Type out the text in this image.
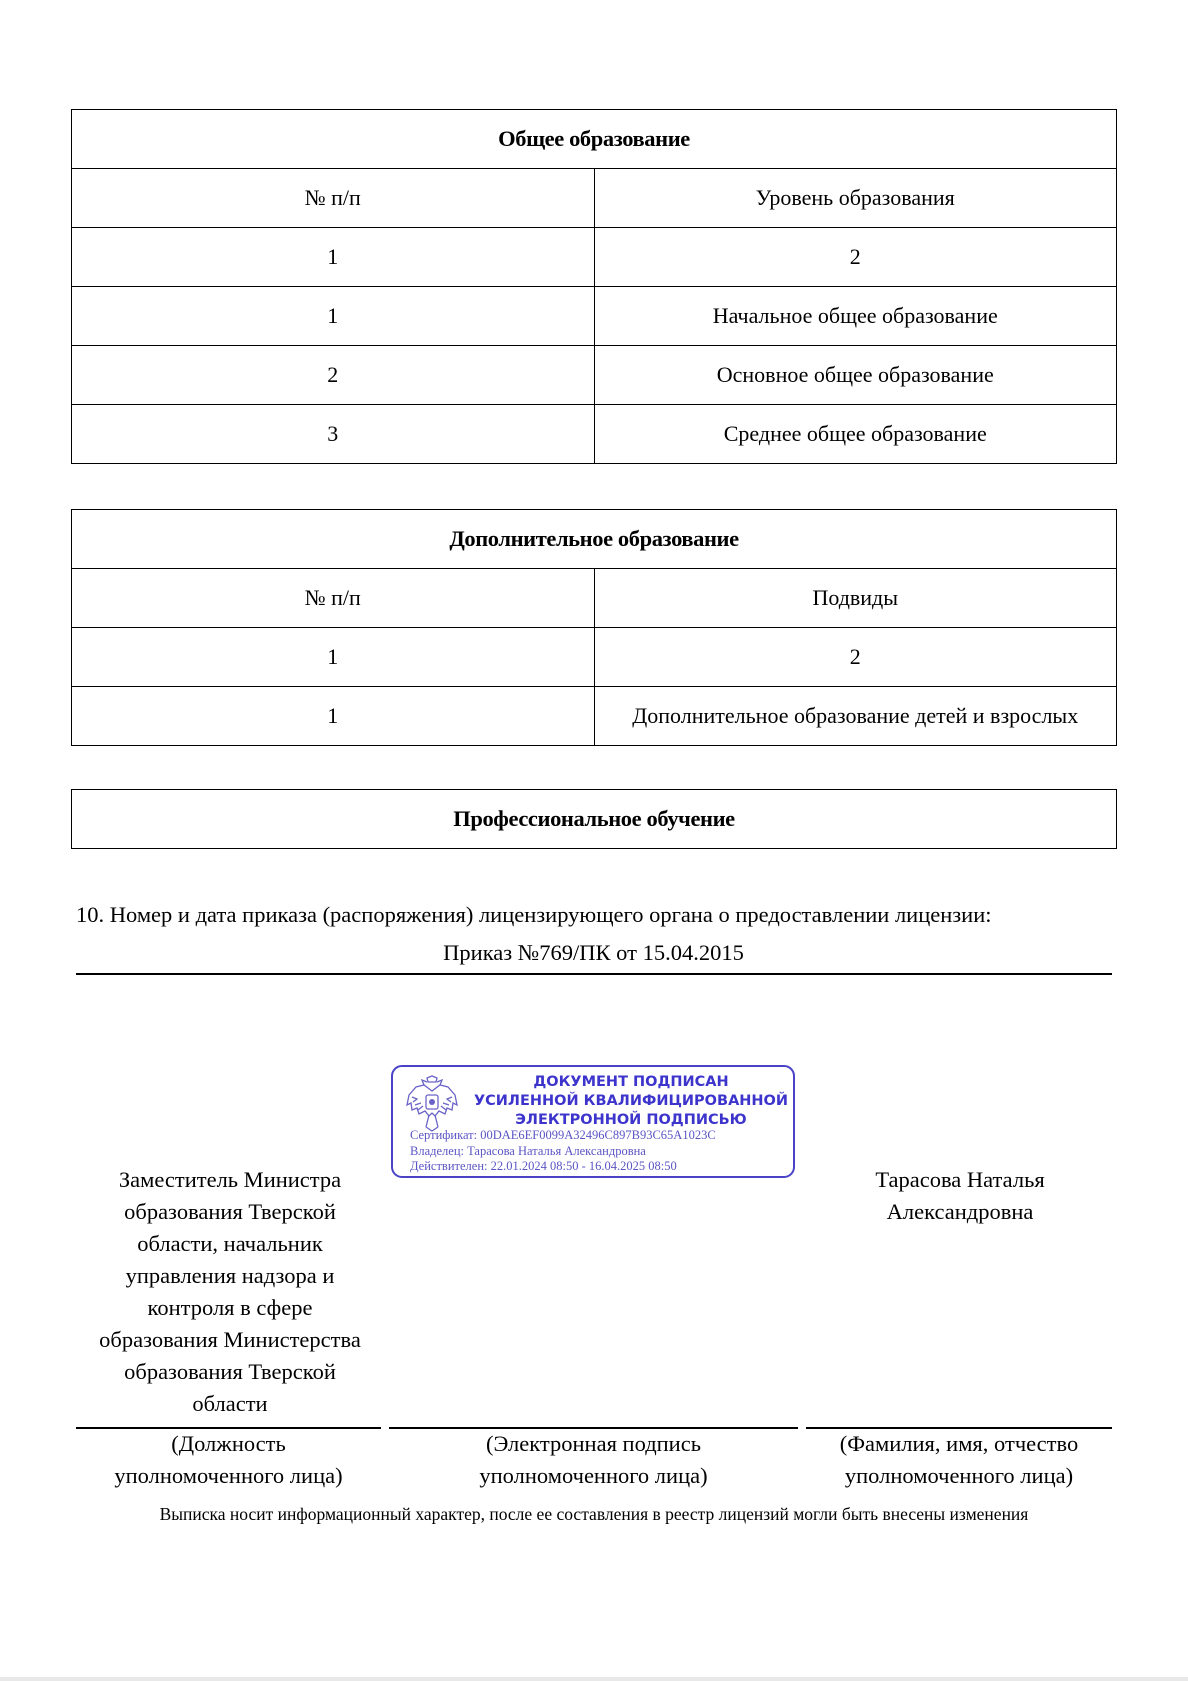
Общее образование	
№ п/п	Уровень образования
1	2
1	Начальное общее образование
2	Основное общее образование
3	Среднее общее образование
Дополнительное образование	
№ п/п	Подвиды
1	2
1	Дополнительное образование детей и взрослых
Профессиональное обучение
10. Номер и дата приказа (распоряжения) лицензирующего органа о предоставлении лицензии:
Приказ №769/ПК от 15.04.2015
ДОКУМЕНТ ПОДПИСАН
УСИЛЕННОЙ КВАЛИФИЦИРОВАННОЙ
ЭЛЕКТРОННОЙ ПОДПИСЬЮ
Сертификат: 00DAE6EF0099A32496C897B93C65A1023C
Владелец: Тарасова Наталья Александровна
Действителен: 22.01.2024 08:50 - 16.04.2025 08:50
Заместитель Министра
образования Тверской
области, начальник
управления надзора и
контроля в сфере
образования Министерства
образования Тверской
области
Тарасова Наталья
Александровна
(Должность
уполномоченного лица)
(Электронная подпись
уполномоченного лица)
(Фамилия, имя, отчество
уполномоченного лица)
Выписка носит информационный характер, после ее составления в реестр лицензий могли быть внесены изменения
